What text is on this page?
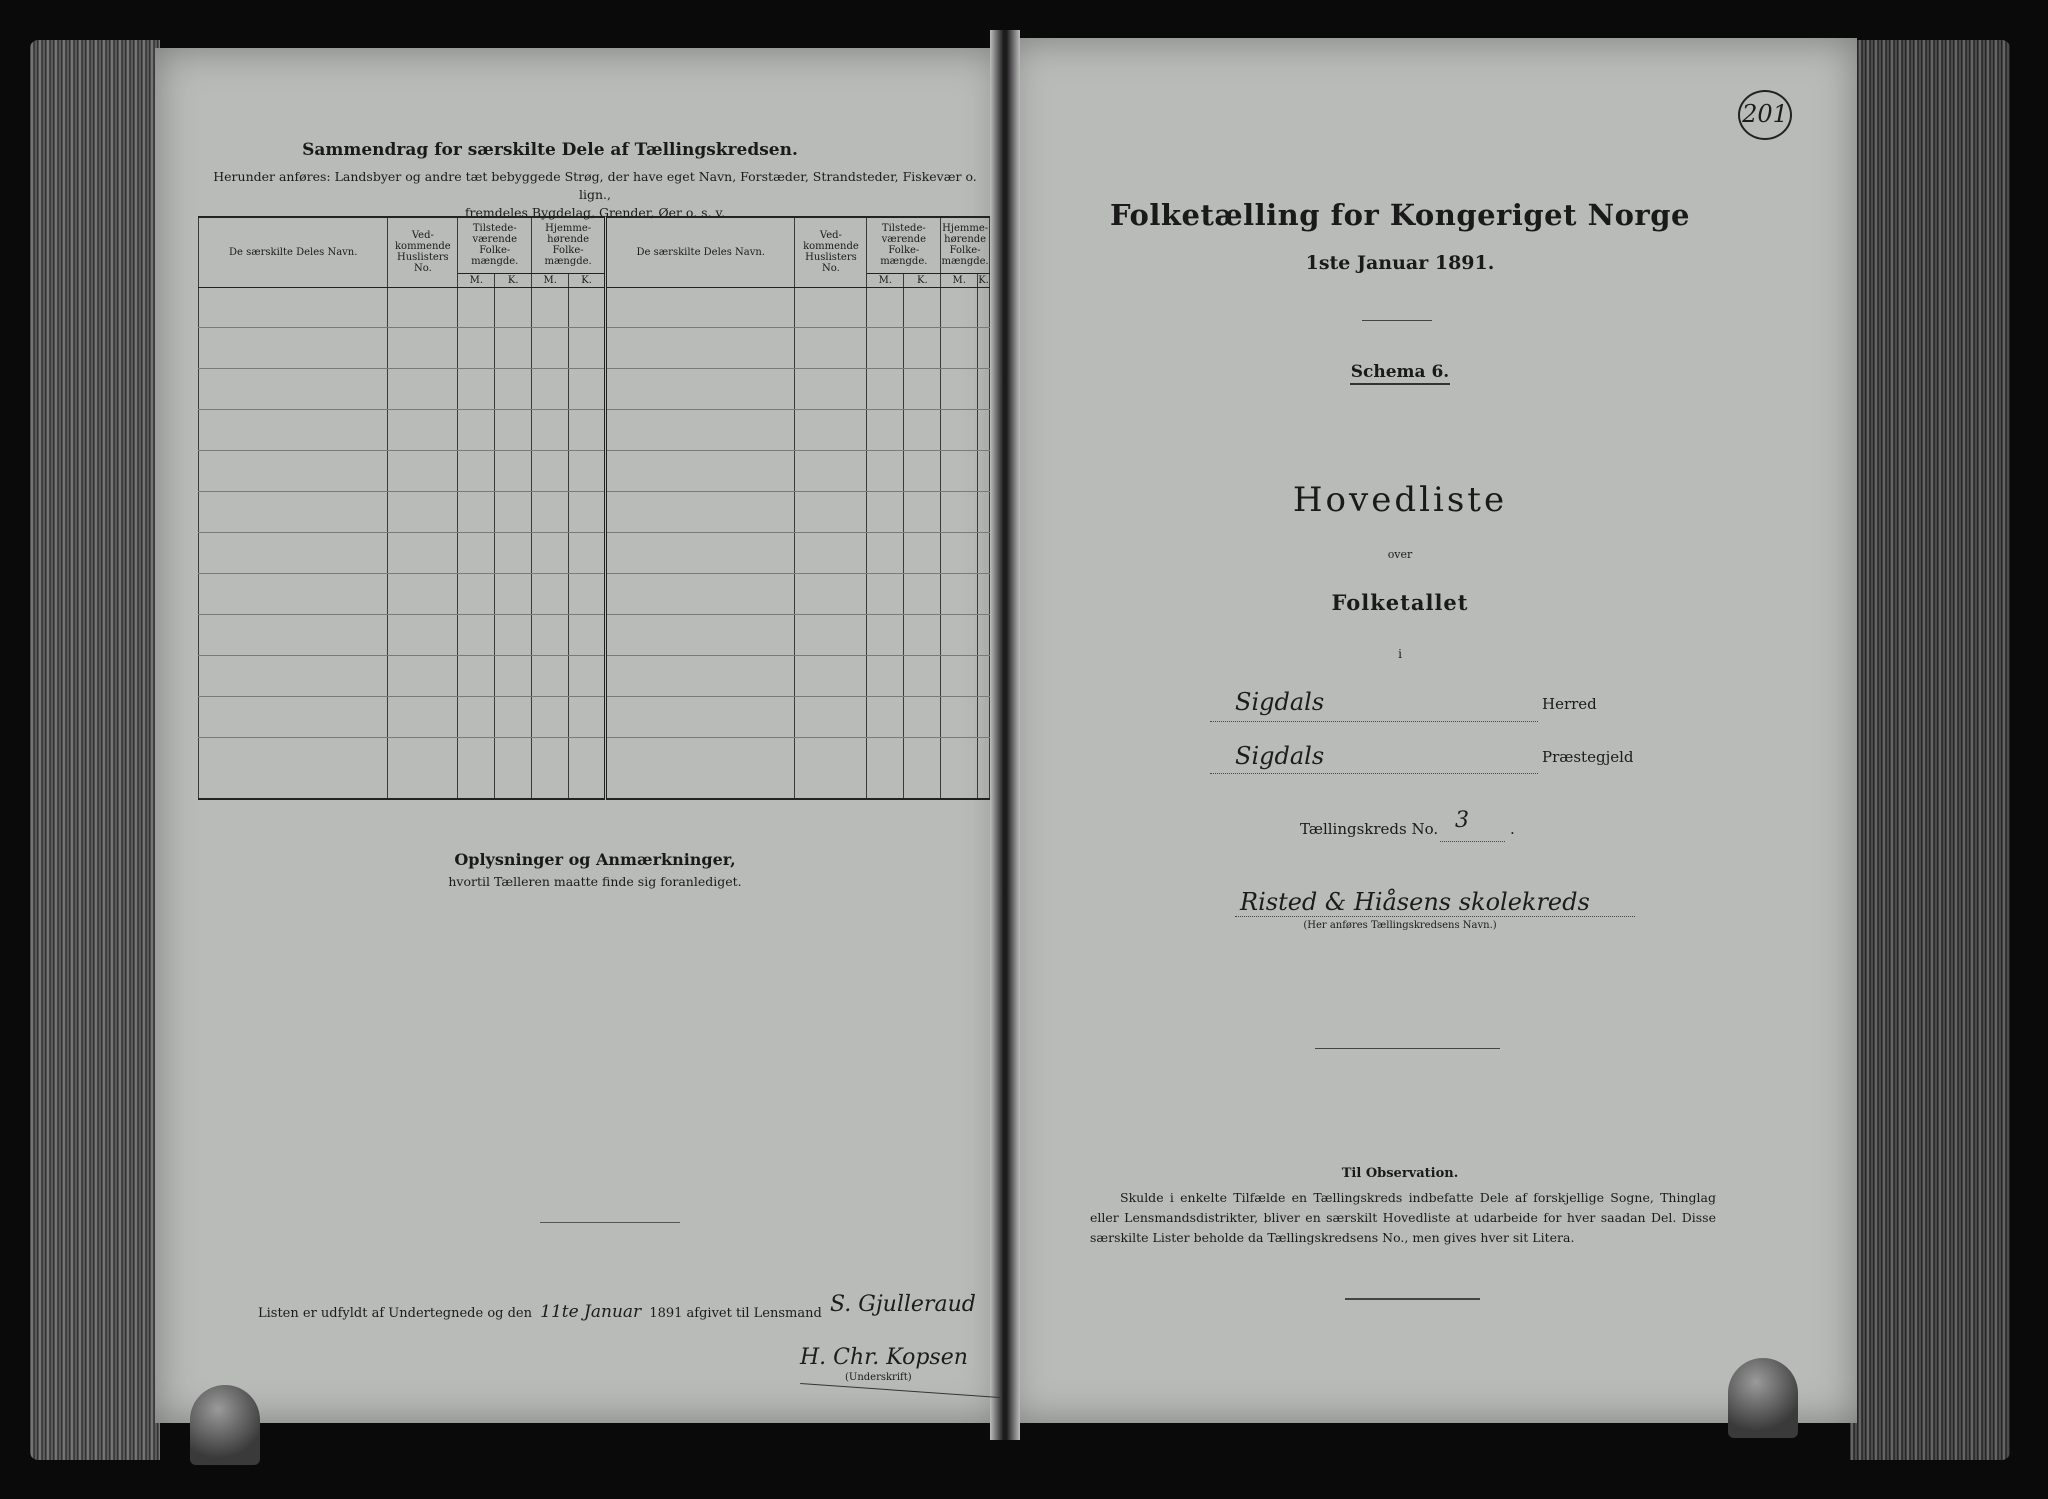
Sammendrag for særskilte Dele af Tællingskredsen.
Herunder anføres: Landsbyer og andre tæt bebyggede Strøg, der have eget Navn, Forstæder, Strandsteder, Fiskevær o. lign.,
fremdeles Bygdelag, Grender, Øer o. s. v.
De særskilte Deles Navn.	Ved-kommende Huslisters No.	Tilstede-værende Folke-mængde.		Hjemme-hørende Folke-mængde.		De særskilte Deles Navn.	Ved-kommende Huslisters No.	Tilstede-værende Folke-mængde.		Hjemme-hørende Folke-mængde.	
		M.	K.	M.	K.			M.	K.	M.	K.

Oplysninger og Anmærkninger,
hvortil Tælleren maatte finde sig foranlediget.
Listen er udfyldt af Undertegnede og den 11te Januar 1891 afgivet til Lensmand S. Gjulleraud
H. Chr. Kopsen
(Underskrift)
201
Folketælling for Kongeriget Norge
1ste Januar 1891.
Schema 6.
Hovedliste
over
Folketallet
i
Sigdals	Herred
Sigdals	Præstegjeld
Tællingskreds No. 3	.
Risted & Hiåsens skolekreds
(Her anføres Tællingskredsens Navn.)
Til Observation.
Skulde i enkelte Tilfælde en Tællingskreds indbefatte Dele af forskjellige Sogne, Thinglag eller Lensmandsdistrikter, bliver en særskilt Hovedliste at udarbeide for hver saadan Del. Disse særskilte Lister beholde da Tællingskredsens No., men gives hver sit Litera.
